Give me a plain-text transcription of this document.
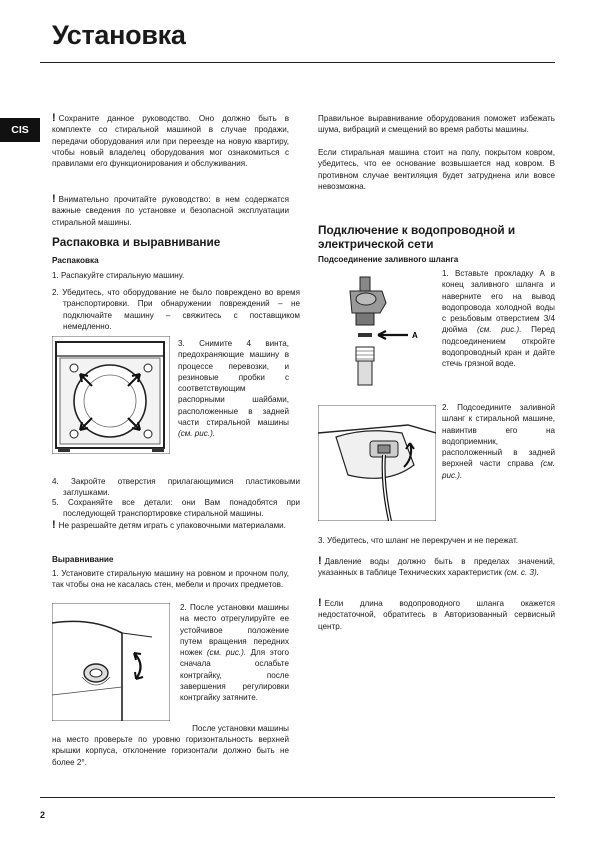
Установка
CIS
! Сохраните данное руководство. Оно должно быть в комплекте со стиральной машиной в случае продажи, передачи оборудования или при переезде на новую квартиру, чтобы новый владелец оборудования мог ознакомиться с правилами его функционирования и обслуживания.
! Внимательно прочитайте руководство: в нем содержатся важные сведения по установке и безопасной эксплуатации стиральной машины.
Распаковка и выравнивание
Распаковка
1. Распакуйте стиральную машину.
2. Убедитесь, что оборудование не было повреждено во время транспортировки. При обнаружении повреждений – не подключайте машину – свяжитесь с поставщиком немедленно.
3. Снимите 4 винта, предохраняющие машину в процессе перевозки, и резиновые пробки с соответствующим распорными шайбами, расположенные в задней части стиральной машины (см. рис.).
4. Закройте отверстия прилагающимися пластиковыми заглушками.
5. Сохраняйте все детали: они Вам понадобятся при последующей транспортировке стиральной машины.
! Не разрешайте детям играть с упаковочными материалами.
Выравнивание
1. Установите стиральную машину на ровном и прочном полу, так чтобы она не касалась стен, мебели и прочих предметов.
2. После установки машины на место отрегулируйте ее устойчивое положение путем вращения передних ножек (см. рис.). Для этого сначала ослабьте контргайку, после завершения регулировки контргайку затяните.
После установки машины
на место проверьте по уровню горизонтальность верхней крышки корпуса, отклонение горизонтали должно быть не более 2°.
Правильное выравнивание оборудования поможет избежать шума, вибраций и смещений во время работы машины.
Если стиральная машина стоит на полу, покрытом ковром, убедитесь, что ее основание возвышается над ковром. В противном случае вентиляция будет затруднена или вовсе невозможна.
Подключение к водопроводной и электрической сети
Подсоединение заливного шланга
A
1. Вставьте прокладку A в конец заливного шланга и наверните его на вывод водопровода холодной воды с резьбовым отверстием 3/4 дюйма (см. рис.). Перед подсоединением откройте водопроводный кран и дайте стечь грязной воде.
2. Подсоедините заливной шланг к стиральной машине, навинтив его на водоприемник, расположенный в задней верхней части справа (см. рис.).
3. Убедитесь, что шланг не перекручен и не пережат.
! Давление воды должно быть в пределах значений, указанных в таблице Технических характеристик (см. с. 3).
! Если длина водопроводного шланга окажется недостаточной, обратитесь в Авторизованный сервисный центр.
2
